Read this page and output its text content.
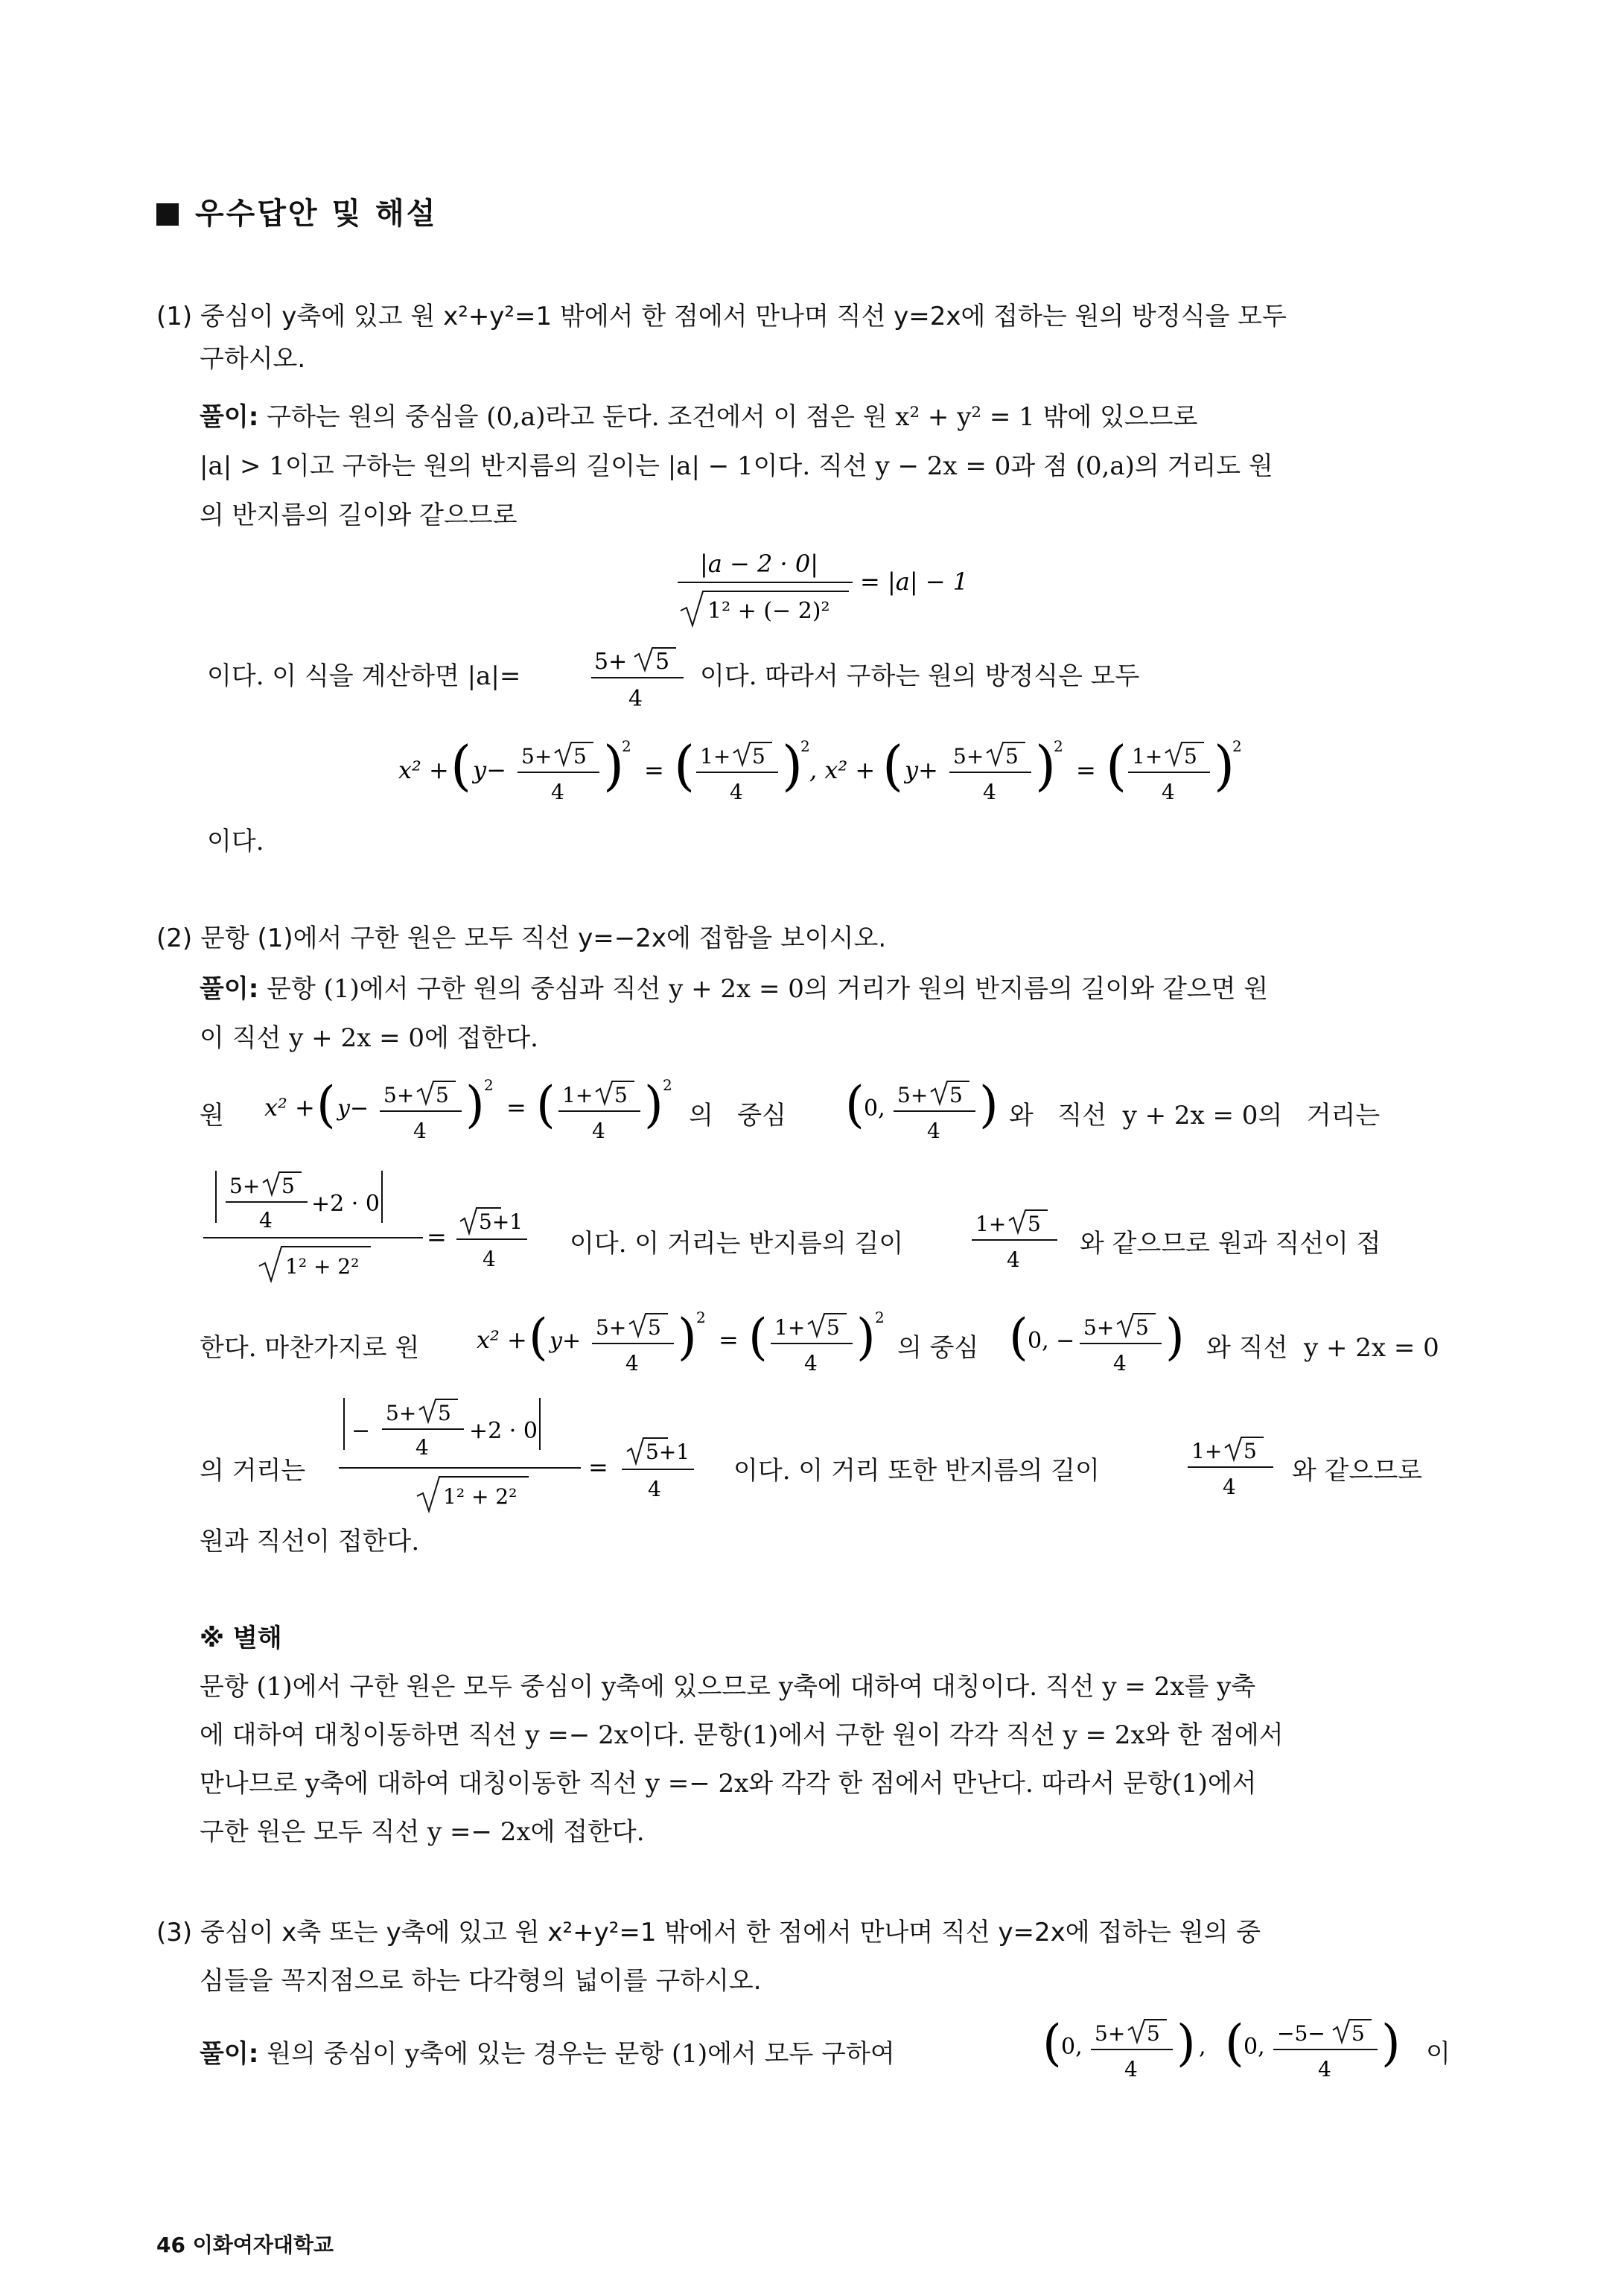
우수답안 및 해설
(1) 중심이 y축에 있고 원 x²+y²=1 밖에서 한 점에서 만나며 직선 y=2x에 접하는 원의 방정식을 모두
구하시오.
풀이: 구하는 원의 중심을 (0,a)라고 둔다. 조건에서 이 점은 원 x² + y² = 1 밖에 있으므로
|a| > 1이고 구하는 원의 반지름의 길이는 |a| − 1이다. 직선 y − 2x = 0과 점 (0,a)의 거리도 원
의 반지름의 길이와 같으므로
|a − 2 · 0|
1² + (− 2)²
= |a| − 1
이다. 이 식을 계산하면 |a|=	5+ 5
4
이다. 따라서 구하는 원의 방정식은 모두
x² + ( y− 5+ 5
4 )
2
= ( 1+ 5
4 )
2
, x² + ( y+ 5+ 5
4 )
2
= ( 1+ 5
4 )
2
이다.
(2) 문항 (1)에서 구한 원은 모두 직선 y=−2x에 접함을 보이시오.
풀이: 문항 (1)에서 구한 원의 중심과 직선 y + 2x = 0의 거리가 원의 반지름의 길이와 같으면 원
이 직선 y + 2x = 0에 접한다.
원 x² + ( y−
5+ 5
4 ) 2
= ( 1+ 5
4 ) 2
의   중심 ( 0,
5+ 5
4 ) 와   직선  y + 2x = 0의   거리는
5+ 5
4
+2 · 0
1² + 2²
=
5+1
4
이다. 이 거리는 반지름의 길이
1+ 5
4
와 같으므로 원과 직선이 접
한다. 마찬가지로 원 x² + ( y+
5+ 5
4 ) 2
= ( 1+ 5
4 ) 2
의 중심 ( 0, −
5+ 5
4 ) 와 직선  y + 2x = 0
의 거리는
−
5+ 5
4
+2 · 0
1² + 2²
=
5+1
4
이다. 이 거리 또한 반지름의 길이
1+ 5
4
와 같으므로
원과 직선이 접한다.
※ 별해
문항 (1)에서 구한 원은 모두 중심이 y축에 있으므로 y축에 대하여 대칭이다. 직선 y = 2x를 y축
에 대하여 대칭이동하면 직선 y =− 2x이다. 문항(1)에서 구한 원이 각각 직선 y = 2x와 한 점에서
만나므로 y축에 대하여 대칭이동한 직선 y =− 2x와 각각 한 점에서 만난다. 따라서 문항(1)에서
구한 원은 모두 직선 y =− 2x에 접한다.
(3) 중심이 x축 또는 y축에 있고 원 x²+y²=1 밖에서 한 점에서 만나며 직선 y=2x에 접하는 원의 중
심들을 꼭지점으로 하는 다각형의 넓이를 구하시오.
풀이: 원의 중심이 y축에 있는 경우는 문항 (1)에서 모두 구하여	( 0,
5+ 5
4 ) , ( 0,
−5− 5
4 ) 이
46 이화여자대학교
